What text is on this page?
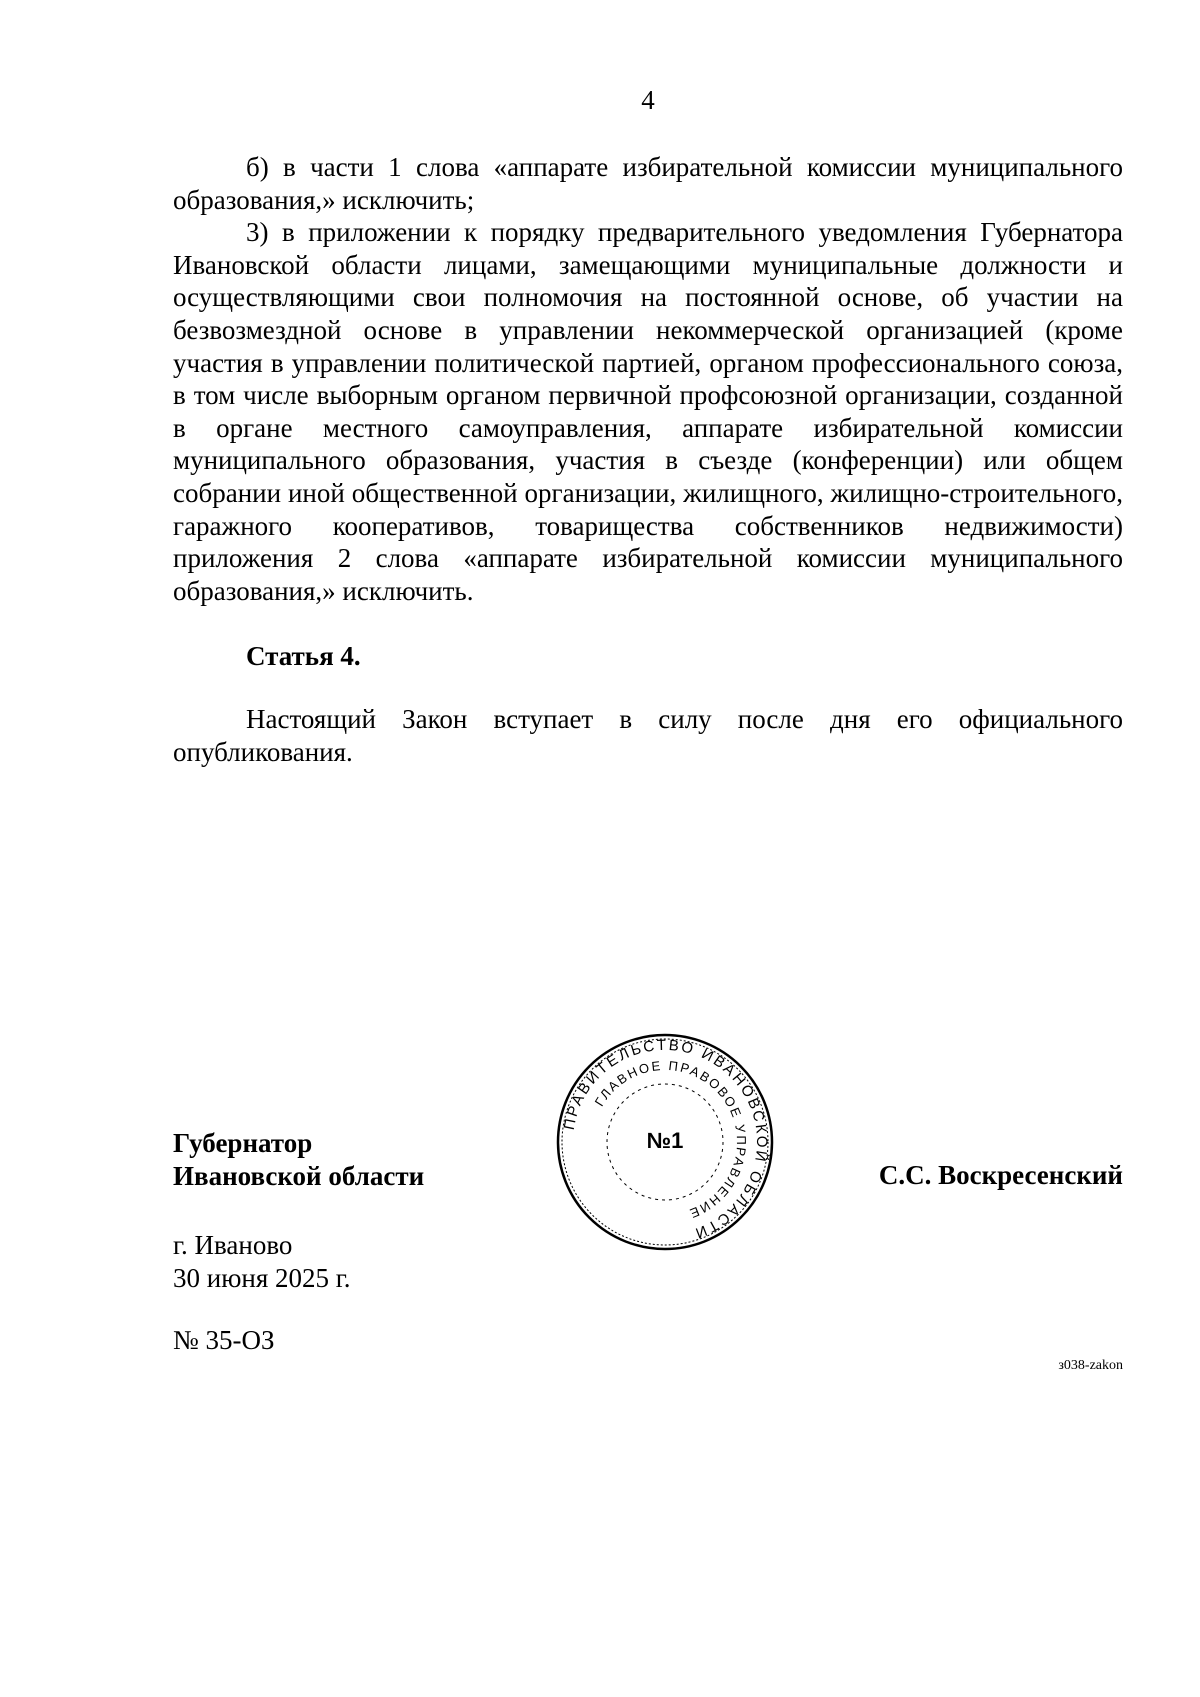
4

б) в части 1 слова «аппарате избирательной комиссии муниципального образования,» исключить;

3) в приложении к порядку предварительного уведомления Губернатора Ивановской области лицами, замещающими муниципальные должности и осуществляющими свои полномочия на постоянной основе, об участии на безвозмездной основе в управлении некоммерческой организацией (кроме участия в управлении политической партией, органом профессионального союза, в том числе выборным органом первичной профсоюзной организации, созданной в органе местного самоуправления, аппарате избирательной комиссии муниципального образования, участия в съезде (конференции) или общем собрании иной общественной организации, жилищного, жилищно-строительного, гаражного кооперативов, товарищества собственников недвижимости) приложения 2 слова «аппарате избирательной комиссии муниципального образования,» исключить.

Статья 4.

Настоящий Закон вступает в силу после дня его официального опубликования.

Губернатор
Ивановской области	С.С. Воскресенский
ПРАВИТЕЛЬСТВО ИВАНОВСКОЙ ОБЛАСТИ
ГЛАВНОЕ ПРАВОВОЕ УПРАВЛЕНИЕ
№1
г. Иваново
30 июня 2025 г.
№ 35-ОЗ
з038-zakon
